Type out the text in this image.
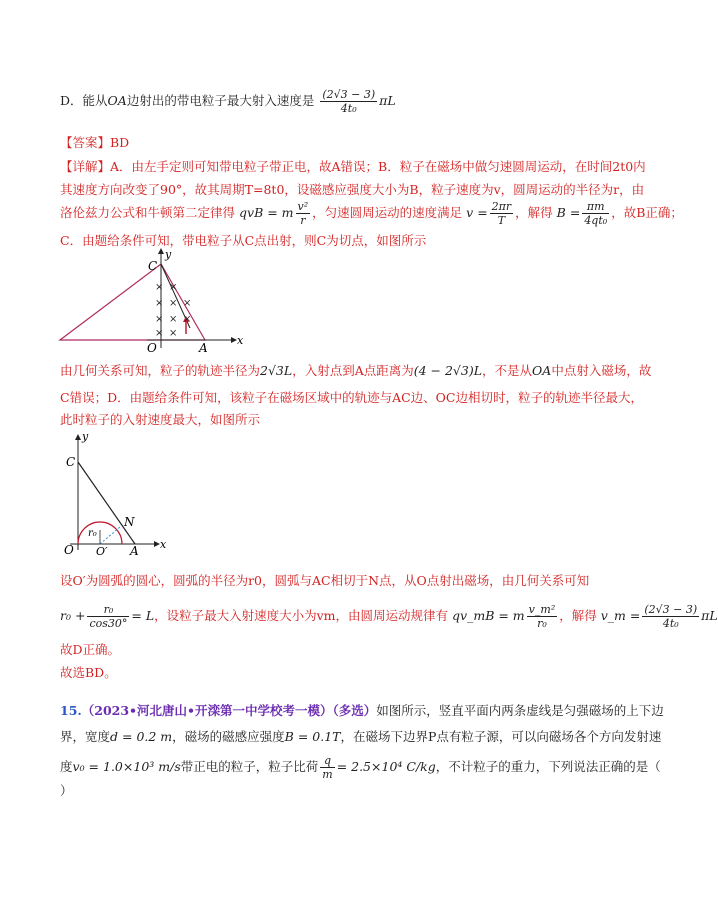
D．能从OA边射出的带电粒子最大射入速度是 $\frac{(2√3 - 3)}{\text{4t₀}}$ πL
【答案】BD
【详解】A．由左手定则可知带电粒子带正电，故A错误；B．粒子在磁场中做匀速圆周运动，在时间2t0内
其速度方向改变了90°，故其周期T=8t0，设磁感应强度大小为B，粒子速度为v，圆周运动的半径为r，由
洛伦兹力公式和牛顿第二定律得 qvB = m $\frac{\text{v²}}{r}$ ，匀速圆周运动的速度满足 $v = \frac{2\pi r}{T}$ ，解得 $B = \frac{\pi m}{\text{4qt₀}}$ ，故B正确；
C．由题给条件可知，带电粒子从C点出射，则C为切点，如图所示
× ×
× × ×
× × ×
× ×
y
x
C
O	A
由几何关系可知，粒子的轨迹半径为2√3L，入射点到A点距离为(4 − 2√3)L，不是从OA中点射入磁场，故
C错误；D．由题给条件可知，该粒子在磁场区域中的轨迹与AC边、OC边相切时，粒子的轨迹半径最大，
此时粒子的入射速度最大，如图所示
y
x
C
O O′ A
N
r₀
设O′为圆弧的圆心，圆弧的半径为r0，圆弧与AC相切于N点，从O点射出磁场，由几何关系可知
$r_0 + \frac{\text{r₀}}{\cos 30^\circ} = L$，设粒子最大入射速度大小为vm，由圆周运动规律有 qv_mB = m $\frac{\text{v\_m²}}{\text{r₀}}$ ，解得 v_m = $\frac{(2√3 - 3)}{\text{4t₀}}$ πL
故D正确。
故选BD。
15.（2023•河北唐山•开滦第一中学校考一模）（多选）如图所示，竖直平面内两条虚线是匀强磁场的上下边
界，宽度d = 0.2 m，磁场的磁感应强度B = 0.1T，在磁场下边界P点有粒子源，可以向磁场各个方向发射速
度v₀ = 1.0×10³ m/s带正电的粒子，粒子比荷 $\frac{q}{m} = 2.5\times 10^4$ C/kg，不计粒子的重力，下列说法正确的是（
）
